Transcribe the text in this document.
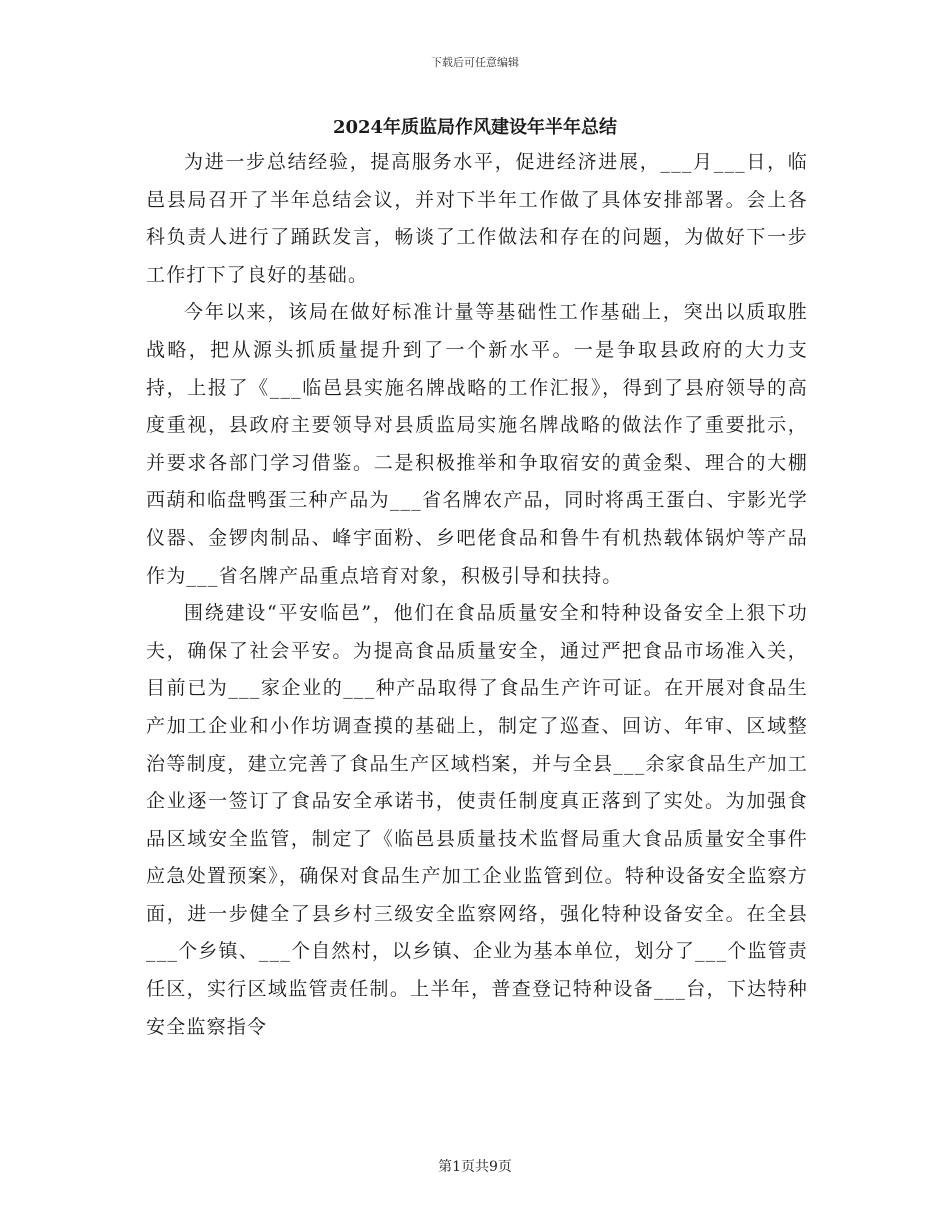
下载后可任意编辑
2024年质监局作风建设年半年总结

为进一步总结经验，提高服务水平，促进经济进展，___月___日，临邑县局召开了半年总结会议，并对下半年工作做了具体安排部署。会上各科负责人进行了踊跃发言，畅谈了工作做法和存在的问题，为做好下一步工作打下了良好的基础。

今年以来，该局在做好标准计量等基础性工作基础上，突出以质取胜战略，把从源头抓质量提升到了一个新水平。一是争取县政府的大力支持，上报了《___临邑县实施名牌战略的工作汇报》，得到了县府领导的高度重视，县政府主要领导对县质监局实施名牌战略的做法作了重要批示，并要求各部门学习借鉴。二是积极推举和争取宿安的黄金梨、理合的大棚西葫和临盘鸭蛋三种产品为___省名牌农产品，同时将禹王蛋白、宇影光学仪器、金锣肉制品、峰宇面粉、乡吧佬食品和鲁牛有机热载体锅炉等产品作为___省名牌产品重点培育对象，积极引导和扶持。

围绕建设“平安临邑”，他们在食品质量安全和特种设备安全上狠下功夫，确保了社会平安。为提高食品质量安全，通过严把食品市场准入关，目前已为___家企业的___种产品取得了食品生产许可证。在开展对食品生产加工企业和小作坊调查摸的基础上，制定了巡查、回访、年审、区域整治等制度，建立完善了食品生产区域档案，并与全县___余家食品生产加工企业逐一签订了食品安全承诺书，使责任制度真正落到了实处。为加强食品区域安全监管，制定了《临邑县质量技术监督局重大食品质量安全事件应急处置预案》，确保对食品生产加工企业监管到位。特种设备安全监察方面，进一步健全了县乡村三级安全监察网络，强化特种设备安全。在全县___个乡镇、___个自然村，以乡镇、企业为基本单位，划分了___个监管责任区，实行区域监管责任制。上半年，普查登记特种设备___台，下达特种安全监察指令

第1页共9页
